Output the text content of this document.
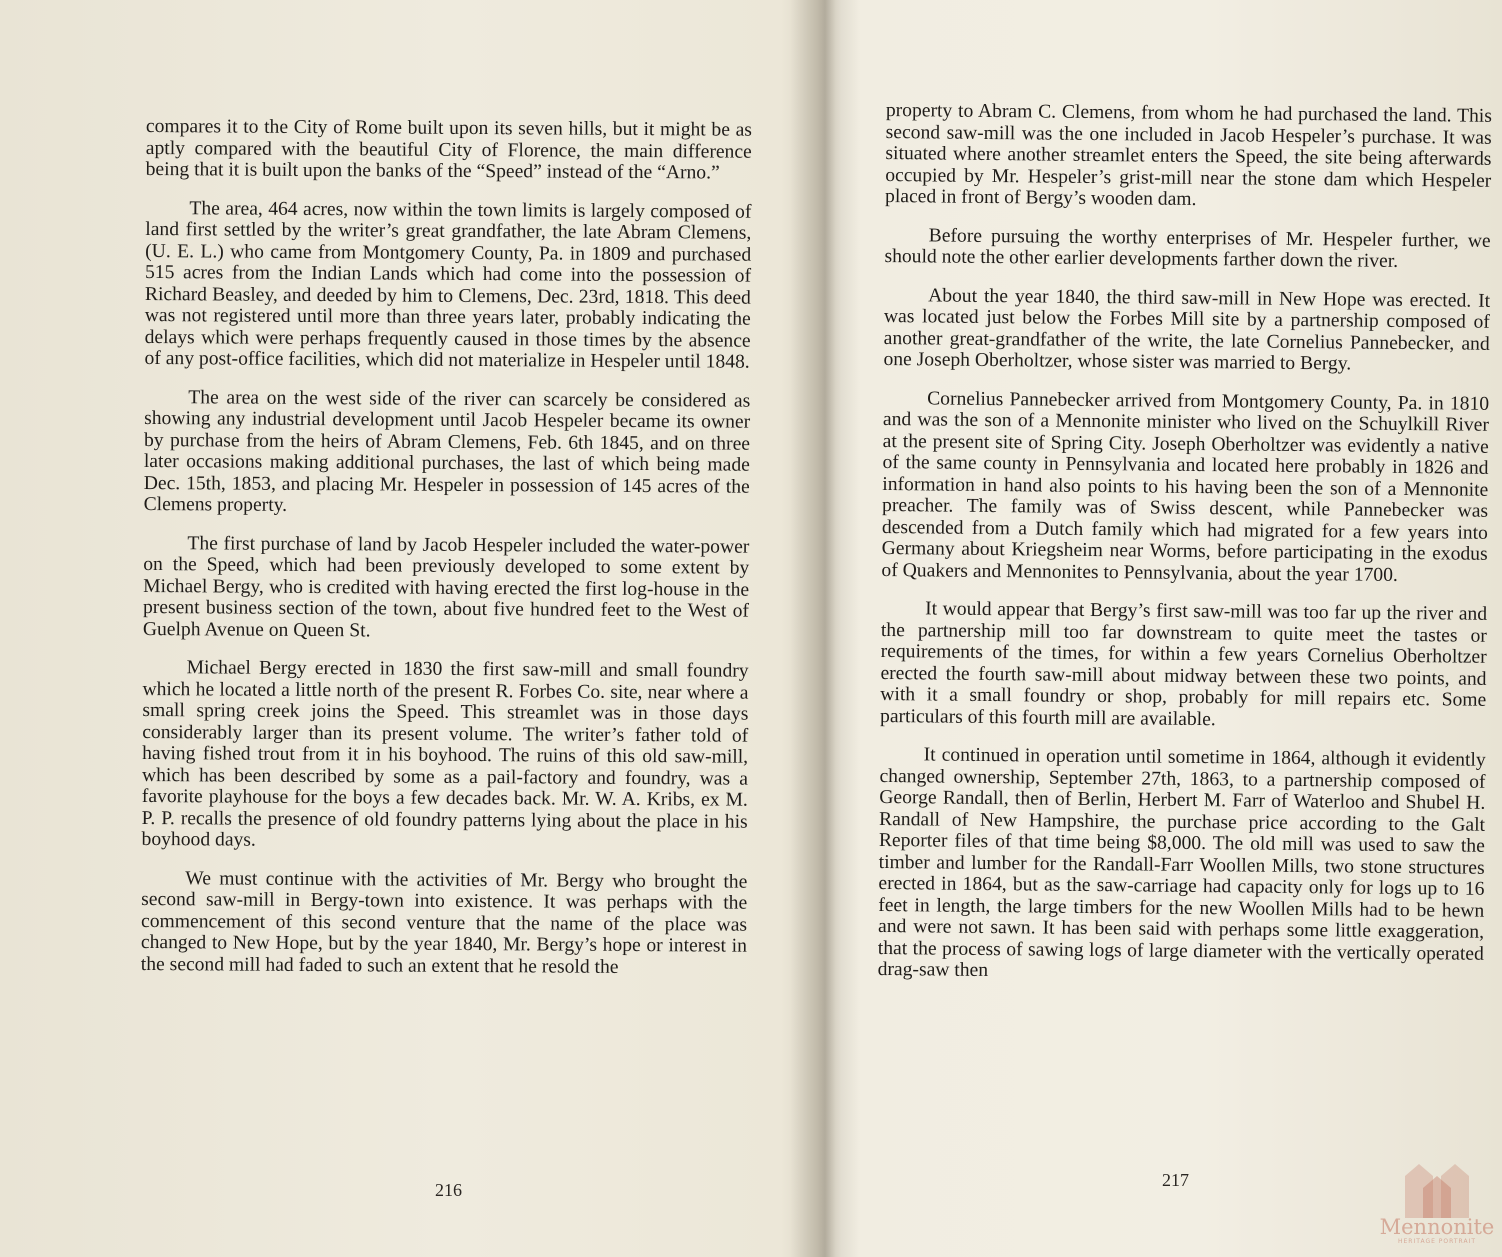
compares it to the City of Rome built upon its seven hills, but it might be as aptly compared with the beautiful City of Florence, the main difference being that it is built upon the banks of the “Speed” instead of the “Arno.”

The area, 464 acres, now within the town limits is largely composed of land first settled by the writer’s great grandfather, the late Abram Clemens, (U. E. L.) who came from Montgomery County, Pa. in 1809 and purchased 515 acres from the Indian Lands which had come into the possession of Richard Beasley, and deeded by him to Clemens, Dec. 23rd, 1818. This deed was not registered until more than three years later, probably indicating the delays which were perhaps frequently caused in those times by the absence of any post-office facilities, which did not materialize in Hespeler until 1848.

The area on the west side of the river can scarcely be considered as showing any industrial development until Jacob Hespeler became its owner by purchase from the heirs of Abram Clemens, Feb. 6th 1845, and on three later occasions making additional purchases, the last of which being made Dec. 15th, 1853, and placing Mr. Hespeler in possession of 145 acres of the Clemens property.

The first purchase of land by Jacob Hespeler included the water-power on the Speed, which had been previously developed to some extent by Michael Bergy, who is credited with having erected the first log-house in the present business section of the town, about five hundred feet to the West of Guelph Avenue on Queen St.

Michael Bergy erected in 1830 the first saw-mill and small foundry which he located a little north of the present R. Forbes Co. site, near where a small spring creek joins the Speed. This streamlet was in those days considerably larger than its present volume. The writer’s father told of having fished trout from it in his boyhood. The ruins of this old saw-mill, which has been described by some as a pail-factory and foundry, was a favorite playhouse for the boys a few decades back. Mr. W. A. Kribs, ex M. P. P. recalls the presence of old foundry patterns lying about the place in his boyhood days.

We must continue with the activities of Mr. Bergy who brought the second saw-mill in Bergy-town into existence. It was perhaps with the commencement of this second venture that the name of the place was changed to New Hope, but by the year 1840, Mr. Bergy’s hope or interest in the second mill had faded to such an extent that he resold the

216

property to Abram C. Clemens, from whom he had purchased the land. This second saw-mill was the one included in Jacob Hespeler’s purchase. It was situated where another streamlet enters the Speed, the site being afterwards occupied by Mr. Hespeler’s grist-mill near the stone dam which Hespeler placed in front of Bergy’s wooden dam.

Before pursuing the worthy enterprises of Mr. Hespeler further, we should note the other earlier developments farther down the river.

About the year 1840, the third saw-mill in New Hope was erected. It was located just below the Forbes Mill site by a partnership composed of another great-grandfather of the write, the late Cornelius Pannebecker, and one Joseph Oberholtzer, whose sister was married to Bergy.

Cornelius Pannebecker arrived from Montgomery County, Pa. in 1810 and was the son of a Mennonite minister who lived on the Schuylkill River at the present site of Spring City. Joseph Oberholtzer was evidently a native of the same county in Pennsylvania and located here probably in 1826 and information in hand also points to his having been the son of a Mennonite preacher. The family was of Swiss descent, while Pannebecker was descended from a Dutch family which had migrated for a few years into Germany about Kriegsheim near Worms, before participating in the exodus of Quakers and Mennonites to Pennsylvania, about the year 1700.

It would appear that Bergy’s first saw-mill was too far up the river and the partnership mill too far downstream to quite meet the tastes or requirements of the times, for within a few years Cornelius Oberholtzer erected the fourth saw-mill about midway between these two points, and with it a small foundry or shop, probably for mill repairs etc. Some particulars of this fourth mill are available.

It continued in operation until sometime in 1864, although it evidently changed ownership, September 27th, 1863, to a partnership composed of George Randall, then of Berlin, Herbert M. Farr of Waterloo and Shubel H. Randall of New Hampshire, the purchase price according to the Galt Reporter files of that time being $8,000. The old mill was used to saw the timber and lumber for the Randall-Farr Woollen Mills, two stone structures erected in 1864, but as the saw-carriage had capacity only for logs up to 16 feet in length, the large timbers for the new Woollen Mills had to be hewn and were not sawn. It has been said with perhaps some little exaggeration, that the process of sawing logs of large diameter with the vertically operated drag-saw then

217
Mennonite
HERITAGE PORTRAIT
